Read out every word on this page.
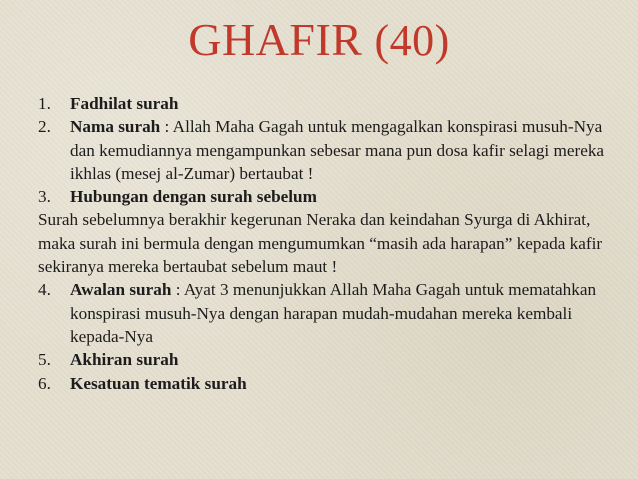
GHAFIR (40)
1.	Fadhilat surah
2.	Nama surah : Allah Maha Gagah untuk mengagalkan konspirasi musuh-Nya dan kemudiannya mengampunkan sebesar mana pun dosa kafir selagi mereka ikhlas (mesej al-Zumar) bertaubat !
3.	Hubungan dengan surah sebelum
Surah sebelumnya berakhir kegerunan Neraka dan keindahan Syurga di Akhirat, maka surah ini bermula dengan mengumumkan “masih ada harapan” kepada kafir sekiranya mereka bertaubat sebelum maut !
4.	Awalan surah : Ayat 3 menunjukkan Allah Maha Gagah untuk mematahkan konspirasi musuh-Nya dengan harapan mudah-mudahan mereka kembali kepada-Nya
5.	Akhiran surah
6.	Kesatuan tematik surah
